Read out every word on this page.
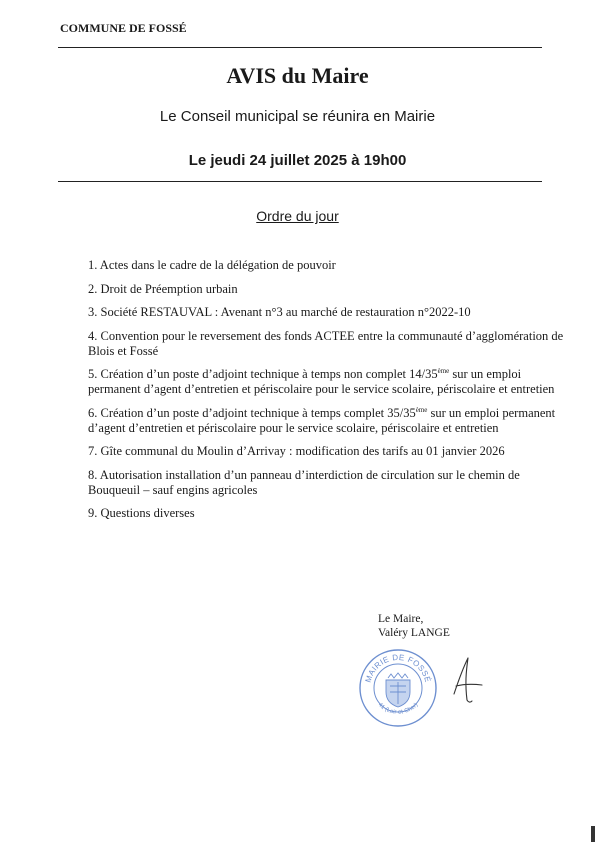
COMMUNE DE FOSSÉ
AVIS du Maire
Le Conseil municipal se réunira en Mairie
Le jeudi 24 juillet 2025 à 19h00
Ordre du jour
1. Actes dans le cadre de la délégation de pouvoir
2. Droit de Préemption urbain
3. Société RESTAUVAL : Avenant n°3 au marché de restauration n°2022-10
4. Convention pour le reversement des fonds ACTEE entre la communauté d’agglomération de Blois et Fossé
5. Création d’un poste d’adjoint technique à temps non complet 14/35ème sur un emploi permanent d’agent d’entretien et périscolaire pour le service scolaire, périscolaire et entretien
6. Création d’un poste d’adjoint technique à temps complet 35/35ème sur un emploi permanent d’agent d’entretien et périscolaire pour le service scolaire, périscolaire et entretien
7. Gîte communal du Moulin d’Arrivay : modification des tarifs au 01 janvier 2026
8. Autorisation installation d’un panneau d’interdiction de circulation sur le chemin de Bouqueuil – sauf engins agricoles
9. Questions diverses
Le Maire,
Valéry LANGE
MAIRIE DE FOSSÉ
41 (Loir-et-Cher)
